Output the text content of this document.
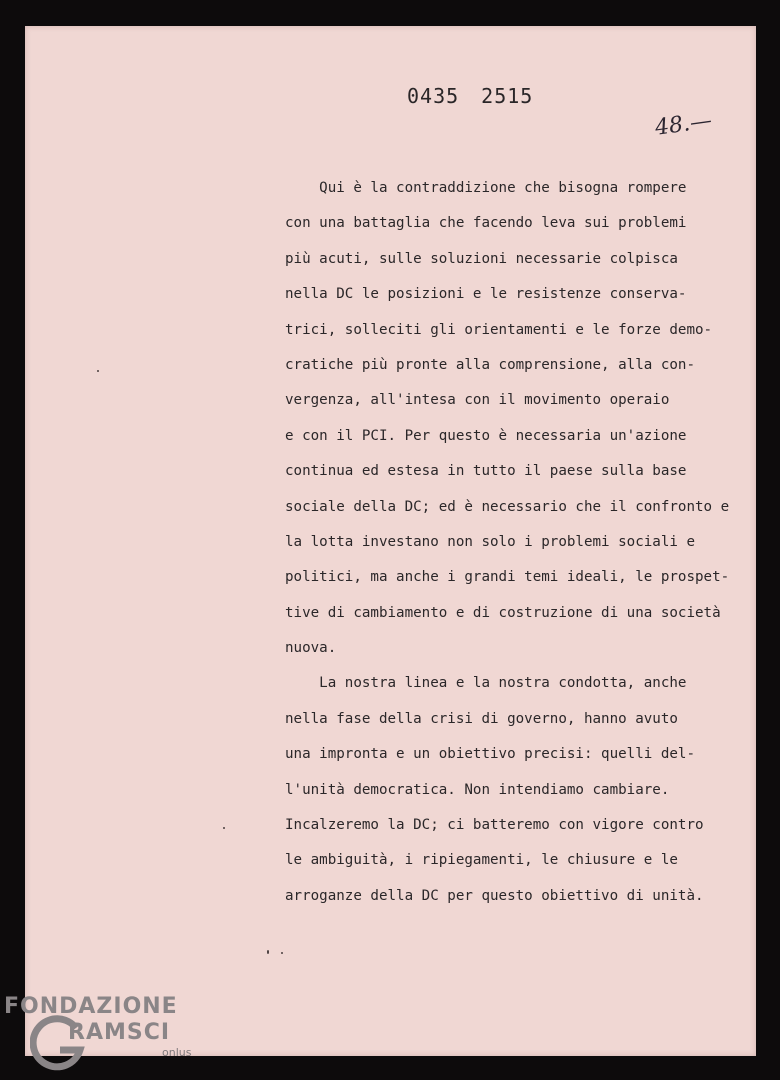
0435 2515
48.—
Qui è la contraddizione che bisogna rompere
con una battaglia che facendo leva sui problemi
più acuti, sulle soluzioni necessarie colpisca
nella DC le posizioni e le resistenze conserva-
trici, solleciti gli orientamenti e le forze demo-
cratiche più pronte alla comprensione, alla con-
vergenza, all'intesa con il movimento operaio
e con il PCI. Per questo è necessaria un'azione
continua ed estesa in tutto il paese sulla base
sociale della DC; ed è necessario che il confronto e
la lotta investano non solo i problemi sociali e
politici, ma anche i grandi temi ideali, le prospet-
tive di cambiamento e di costruzione di una società
nuova.
La nostra linea e la nostra condotta, anche
nella fase della crisi di governo, hanno avuto
una impronta e un obiettivo precisi: quelli del-
l'unità democratica. Non intendiamo cambiare.
Incalzeremo la DC; ci batteremo con vigore contro
le ambiguità, i ripiegamenti, le chiusure e le
arroganze della DC per questo obiettivo di unità.
FONDAZIONE
RAMSCI
onlus
